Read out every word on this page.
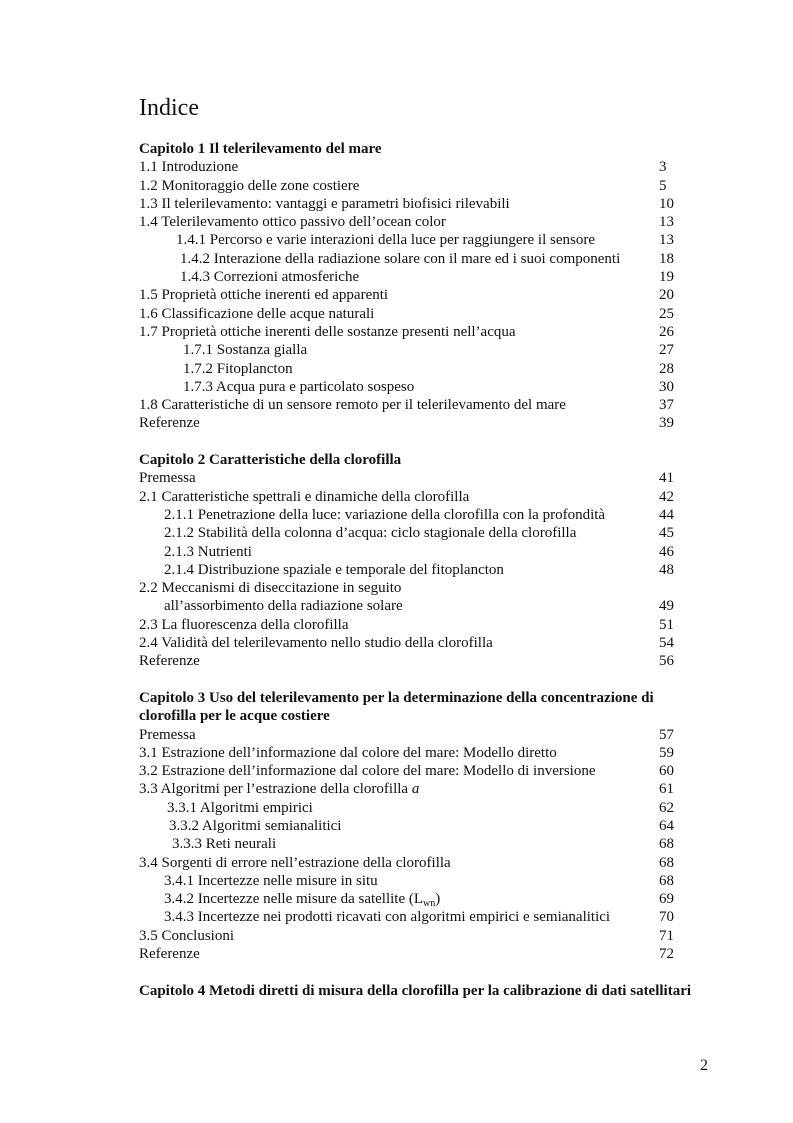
Indice
Capitolo 1 Il telerilevamento del mare
1.1 Introduzione	3
1.2 Monitoraggio delle zone costiere	5
1.3 Il telerilevamento: vantaggi e parametri biofisici rilevabili	10
1.4 Telerilevamento ottico passivo dell’ocean color	13
1.4.1 Percorso e varie interazioni della luce per raggiungere il sensore	13
1.4.2 Interazione della radiazione solare con il mare ed i suoi componenti	18
1.4.3 Correzioni atmosferiche	19
1.5 Proprietà ottiche inerenti ed apparenti	20
1.6 Classificazione delle acque naturali	25
1.7 Proprietà ottiche inerenti delle sostanze presenti nell’acqua	26
1.7.1 Sostanza gialla	27
1.7.2 Fitoplancton	28
1.7.3 Acqua pura e particolato sospeso	30
1.8 Caratteristiche di un sensore remoto per il telerilevamento del mare	37
Referenze	39
Capitolo 2 Caratteristiche della clorofilla
Premessa	41
2.1 Caratteristiche spettrali e dinamiche della clorofilla	42
2.1.1 Penetrazione della luce: variazione della clorofilla con la profondità	44
2.1.2 Stabilità della colonna d’acqua: ciclo stagionale della clorofilla	45
2.1.3 Nutrienti	46
2.1.4 Distribuzione spaziale e temporale del fitoplancton	48
2.2 Meccanismi di diseccitazione in seguito
all’assorbimento della radiazione solare	49
2.3 La fluorescenza della clorofilla	51
2.4 Validità del telerilevamento nello studio della clorofilla	54
Referenze	56
Capitolo 3 Uso del telerilevamento per la determinazione della concentrazione di clorofilla per le acque costiere
Premessa	57
3.1 Estrazione dell’informazione dal colore del mare: Modello diretto	59
3.2 Estrazione dell’informazione dal colore del mare: Modello di inversione	60
3.3 Algoritmi per l’estrazione della clorofilla a	61
3.3.1 Algoritmi empirici	62
3.3.2 Algoritmi semianalitici	64
3.3.3 Reti neurali	68
3.4 Sorgenti di errore nell’estrazione della clorofilla	68
3.4.1 Incertezze nelle misure in situ	68
3.4.2 Incertezze nelle misure da satellite $(L_{wn})$	69
3.4.3 Incertezze nei prodotti ricavati con algoritmi empirici e semianalitici	70
3.5 Conclusioni	71
Referenze	72
Capitolo 4 Metodi diretti di misura della clorofilla per la calibrazione di dati satellitari
2
